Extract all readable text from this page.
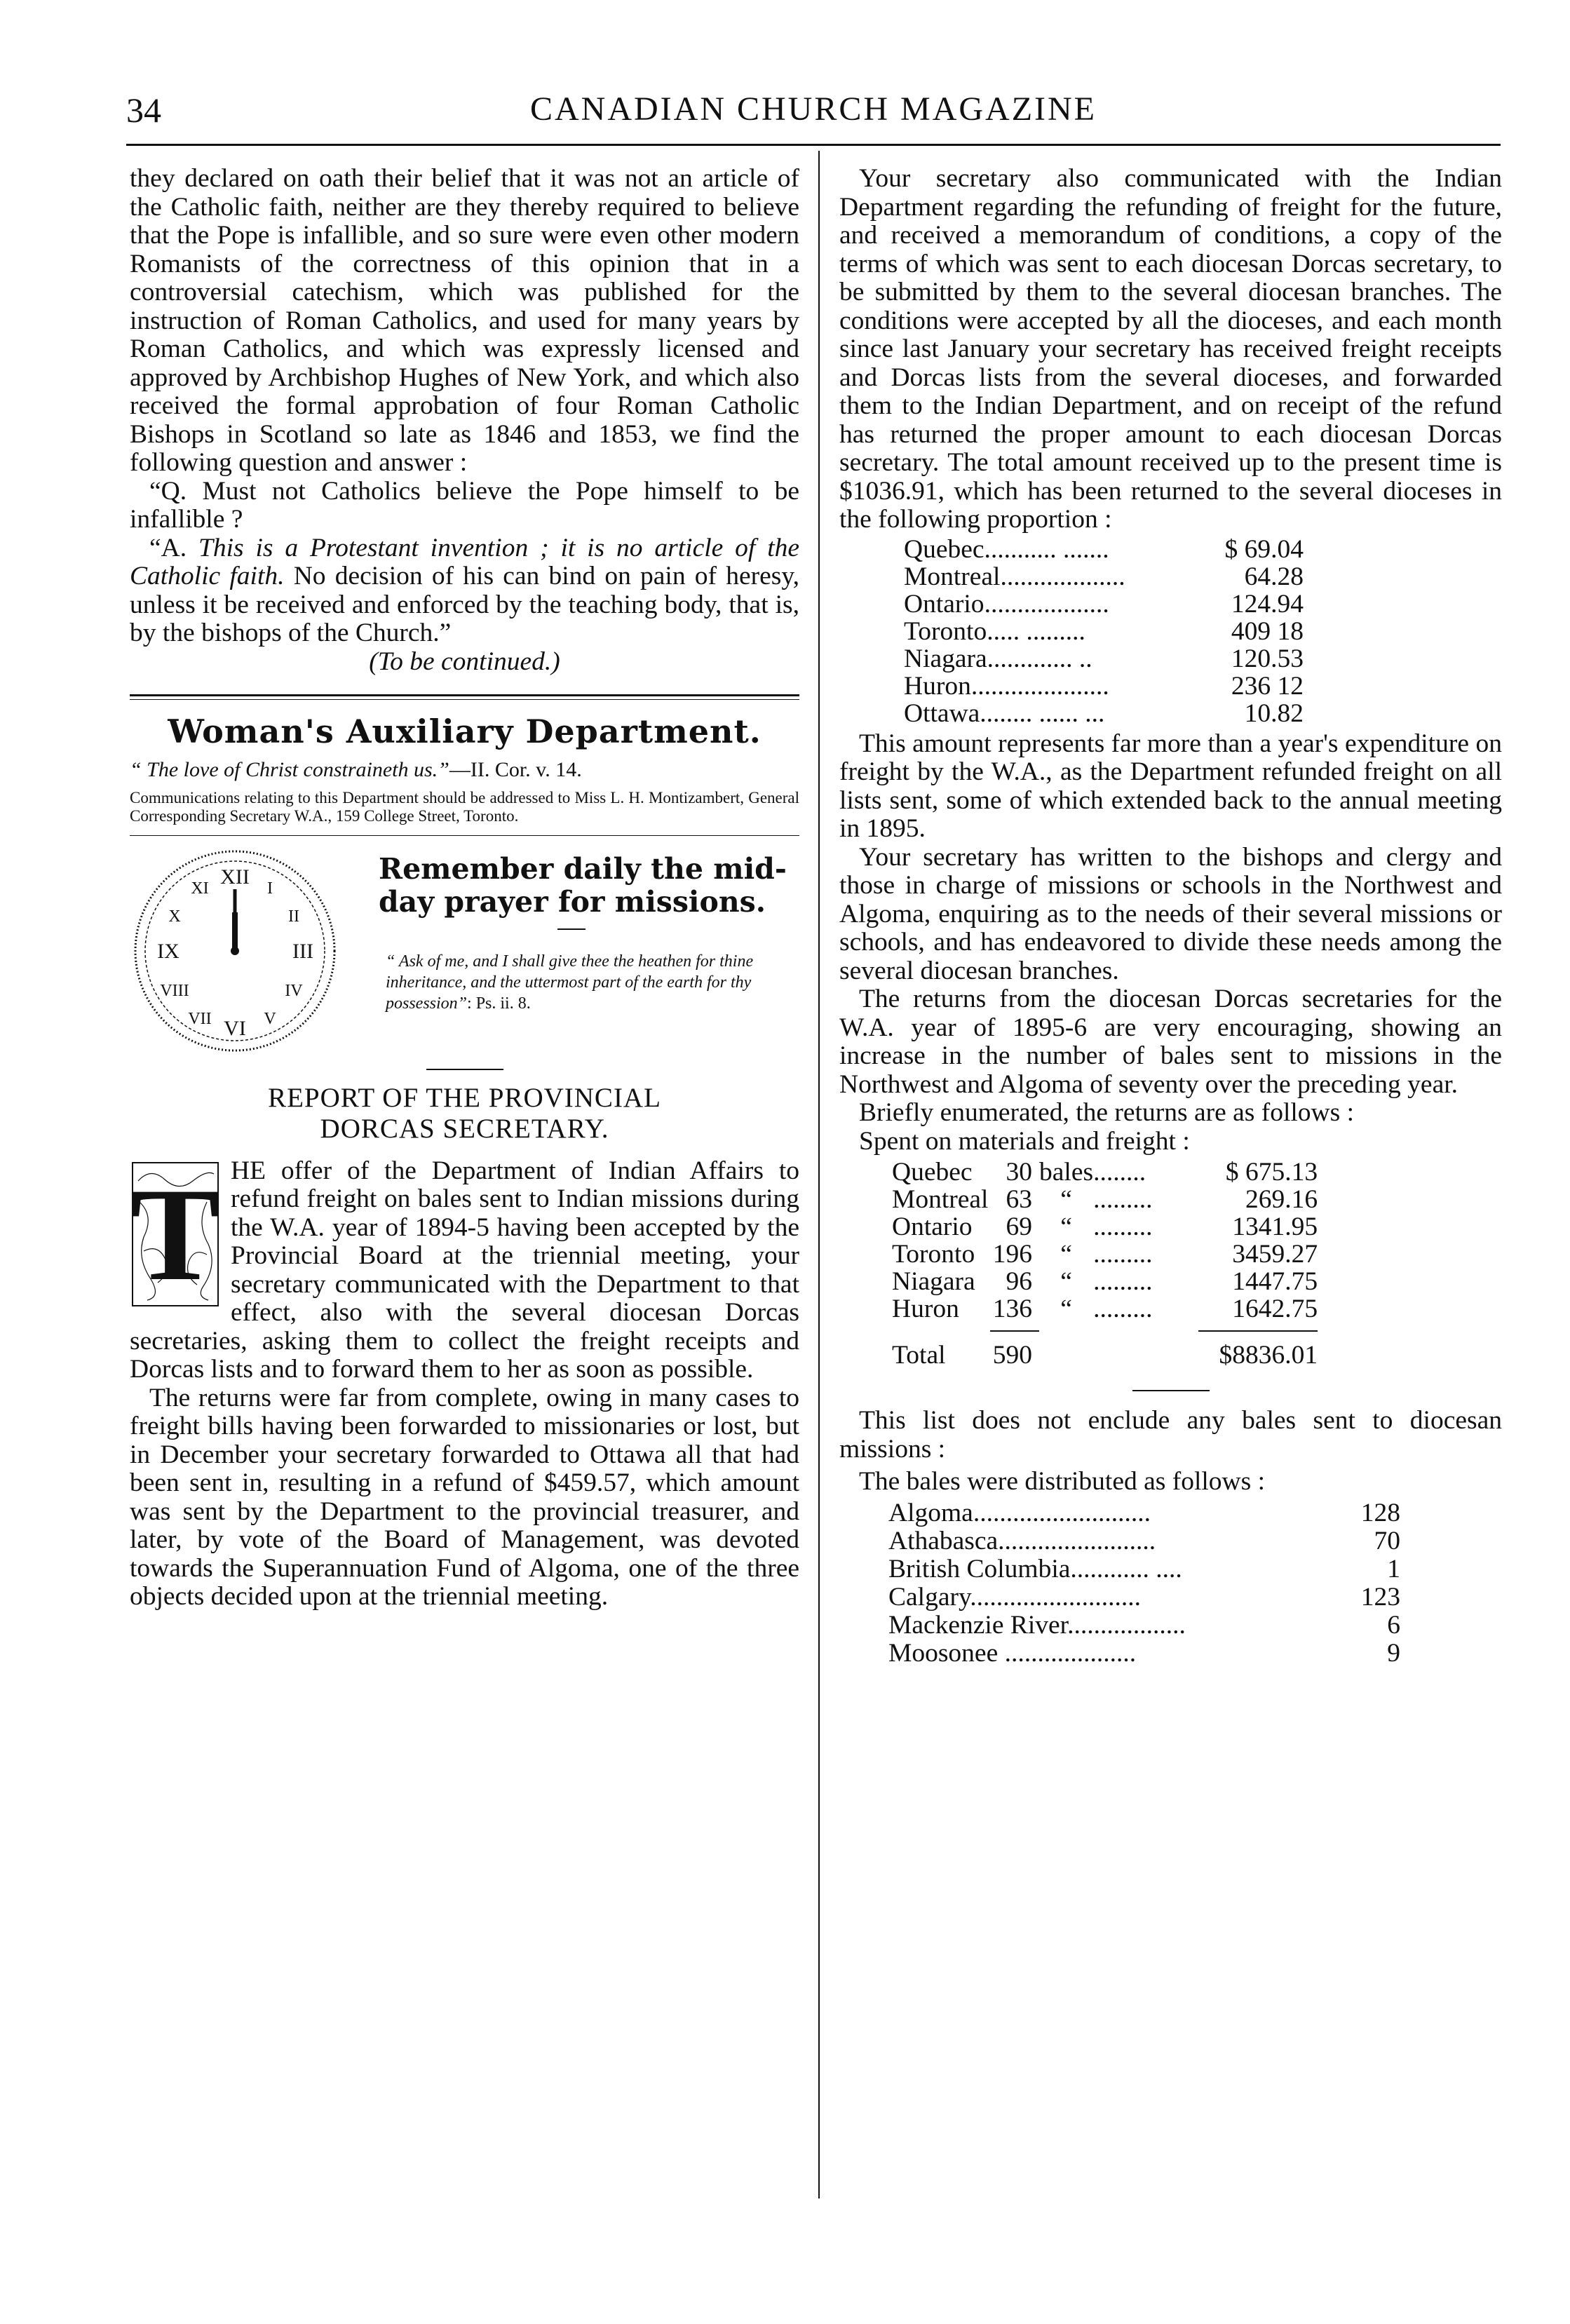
34	CANADIAN CHURCH MAGAZINE

they declared on oath their belief that it was not an article of the Catholic faith, neither are they thereby required to believe that the Pope is infallible, and so sure were even other modern Romanists of the correctness of this opinion that in a controversial catechism, which was published for the instruction of Roman Catholics, and used for many years by Roman Catholics, and which was expressly licensed and approved by Archbishop Hughes of New York, and which also received the formal approbation of four Roman Catholic Bishops in Scotland so late as 1846 and 1853, we find the following question and answer :

“Q. Must not Catholics believe the Pope himself to be infallible ?

“A. This is a Protestant invention ; it is no article of the Catholic faith. No decision of his can bind on pain of heresy, unless it be received and enforced by the teaching body, that is, by the bishops of the Church.”

(To be continued.)

Woman's Auxiliary Department.

“ The love of Christ constraineth us.”—II. Cor. v. 14.

Communications relating to this Department should be addressed to Miss L. H. Montizambert, General Corresponding Secretary W.A., 159 College Street, Toronto.

XII
III
VI
IX
I
II
IV
V
VII
VIII
X
XI
Remember daily the mid-day prayer for missions.
“ Ask of me, and I shall give thee the heathen for thine inheritance, and the uttermost part of the earth for thy possession”: Ps. ii. 8.
REPORT OF THE PROVINCIAL
DORCAS SECRETARY.
T HE offer of the Department of Indian Affairs to refund freight on bales sent to Indian missions during the W.A. year of 1894-5 having been accepted by the Provincial Board at the triennial meeting, your secretary communicated with the Department to that effect, also with the several diocesan Dorcas secretaries, asking them to collect the freight receipts and Dorcas lists and to forward them to her as soon as possible.

The returns were far from complete, owing in many cases to freight bills having been forwarded to missionaries or lost, but in December your secretary forwarded to Ottawa all that had been sent in, resulting in a refund of $459.57, which amount was sent by the Department to the provincial treasurer, and later, by vote of the Board of Management, was devoted towards the Superannuation Fund of Algoma, one of the three objects decided upon at the triennial meeting.

Your secretary also communicated with the Indian Department regarding the refunding of freight for the future, and received a memorandum of conditions, a copy of the terms of which was sent to each diocesan Dorcas secretary, to be submitted by them to the several diocesan branches. The conditions were accepted by all the dioceses, and each month since last January your secretary has received freight receipts and Dorcas lists from the several dioceses, and forwarded them to the Indian Department, and on receipt of the refund has returned the proper amount to each diocesan Dorcas secretary. The total amount received up to the present time is $1036.91, which has been returned to the several dioceses in the following proportion :

Quebec........... .......	$ 69.04
Montreal...................	64.28
Ontario...................	124.94
Toronto..... .........	409 18
Niagara............. ..	120.53
Huron.....................	236 12
Ottawa........ ...... ...	10.82

This amount represents far more than a year's expenditure on freight by the W.A., as the Department refunded freight on all lists sent, some of which extended back to the annual meeting in 1895.

Your secretary has written to the bishops and clergy and those in charge of missions or schools in the Northwest and Algoma, enquiring as to the needs of their several missions or schools, and has endeavored to divide these needs among the several diocesan branches.

The returns from the diocesan Dorcas secretaries for the W.A. year of 1895-6 are very encouraging, showing an increase in the number of bales sent to missions in the Northwest and Algoma of seventy over the preceding year.

Briefly enumerated, the returns are as follows :

Spent on materials and freight :

Quebec	30	bales	........	$ 675.13
Montreal	63	“	.........	269.16
Ontario	69	“	.........	1341.95
Toronto	196	“	.........	3459.27
Niagara	96	“	.........	1447.75
Huron	136	“	.........	1642.75

Total	590			$8836.01

This list does not enclude any bales sent to diocesan missions :

The bales were distributed as follows :

Algoma...........................	128
Athabasca........................	70
British Columbia............ ....	1
Calgary..........................	123
Mackenzie River..................	6
Moosonee ....................	9
